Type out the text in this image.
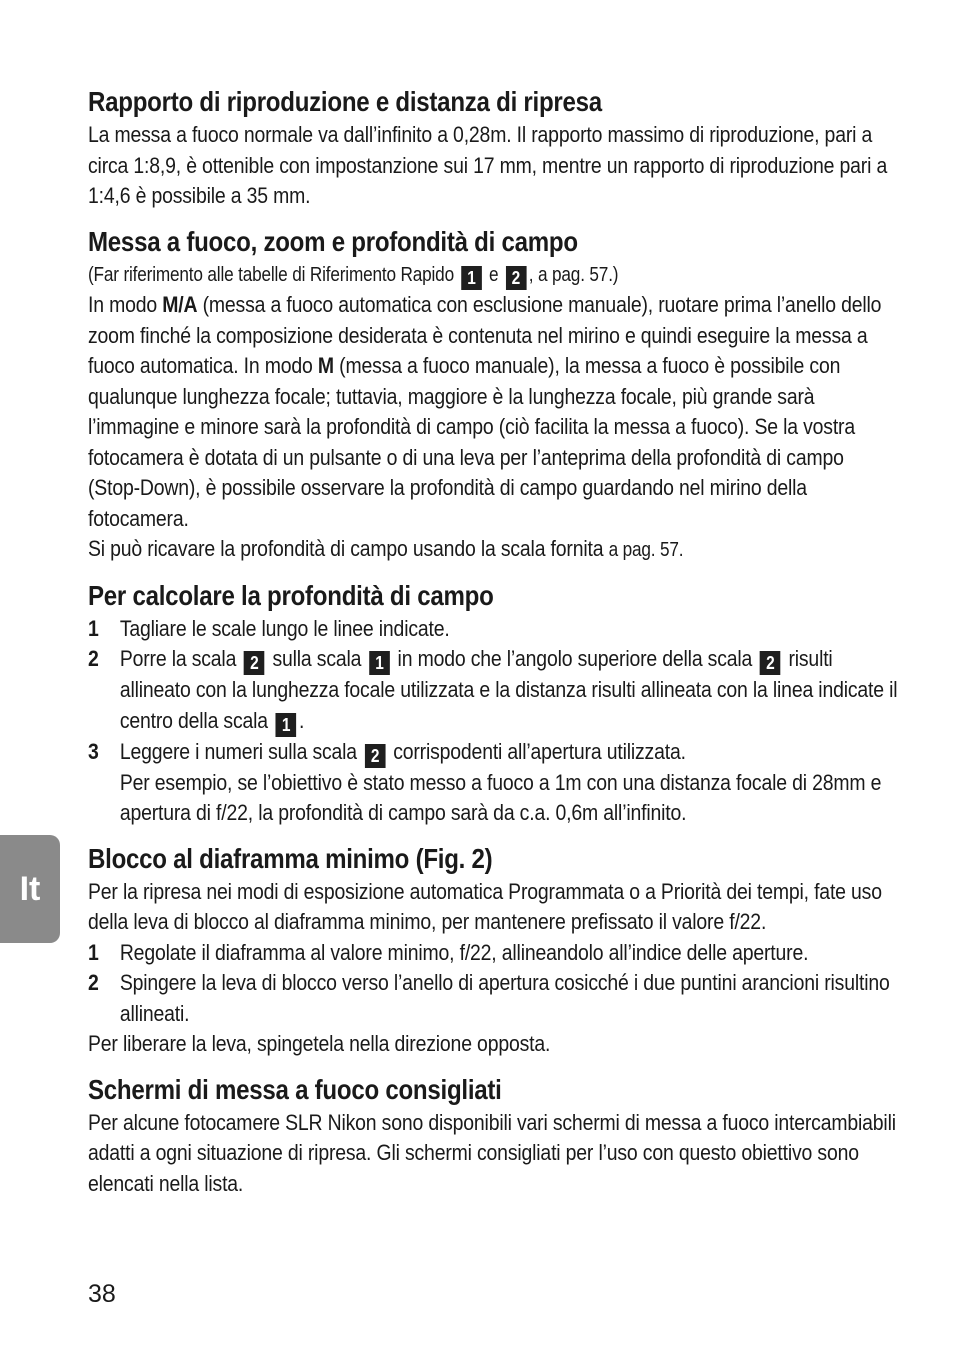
It
Rapporto di riproduzione e distanza di ripresa

La messa a fuoco normale va dall’infinito a 0,28m. Il rapporto massimo di riproduzione, pari a circa 1:8,9, è ottenible con impostanzione sui 17 mm, mentre un rapporto di riproduzione pari a 1:4,6 è possibile a 35 mm.

Messa a fuoco, zoom e profondità di campo

(Far riferimento alle tabelle di Riferimento Rapido 1 e 2 , a pag. 57.)

In modo M/A (messa a fuoco automatica con esclusione manuale), ruotare prima l’anello dello zoom finché la composizione desiderata è contenuta nel mirino e quindi eseguire la messa a fuoco automatica. In modo M (messa a fuoco manuale), la messa a fuoco è possibile con qualunque lunghezza focale; tuttavia, maggiore è la lunghezza focale, più grande sarà l’immagine e minore sarà la profondità di campo (ciò facilita la messa a fuoco). Se la vostra fotocamera è dotata di un pulsante o di una leva per l’anteprima della profondità di campo (Stop-Down), è possibile osservare la profondità di campo guardando nel mirino della fotocamera.

Si può ricavare la profondità di campo usando la scala fornita a pag. 57.

Per calcolare la profondità di campo
1 Tagliare le scale lungo le linee indicate.
2 Porre la scala 2 sulla scala 1 in modo che l’angolo superiore della scala 2 risulti allineato con la lunghezza focale utilizzata e la distanza risulti allineata con la linea indicate il centro della scala 1 .
3 Leggere i numeri sulla scala 2 corrispodenti all’apertura utilizzata.
Per esempio, se l’obiettivo è stato messo a fuoco a 1m con una distanza focale di 28mm e apertura di f/22, la profondità di campo sarà da c.a. 0,6m all’infinito.
Blocco al diaframma minimo (Fig. 2)

Per la ripresa nei modi di esposizione automatica Programmata o a Priorità dei tempi, fate uso della leva di blocco al diaframma minimo, per mantenere prefissato il valore f/22.

1 Regolate il diaframma al valore minimo, f/22, allineandolo all’indice delle aperture.
2 Spingere la leva di blocco verso l’anello di apertura cosicché i due puntini arancioni risultino allineati.

Per liberare la leva, spingetela nella direzione opposta.

Schermi di messa a fuoco consigliati

Per alcune fotocamere SLR Nikon sono disponibili vari schermi di messa a fuoco intercambiabili adatti a ogni situazione di ripresa. Gli schermi consigliati per l’uso con questo obiettivo sono elencati nella lista.

38
